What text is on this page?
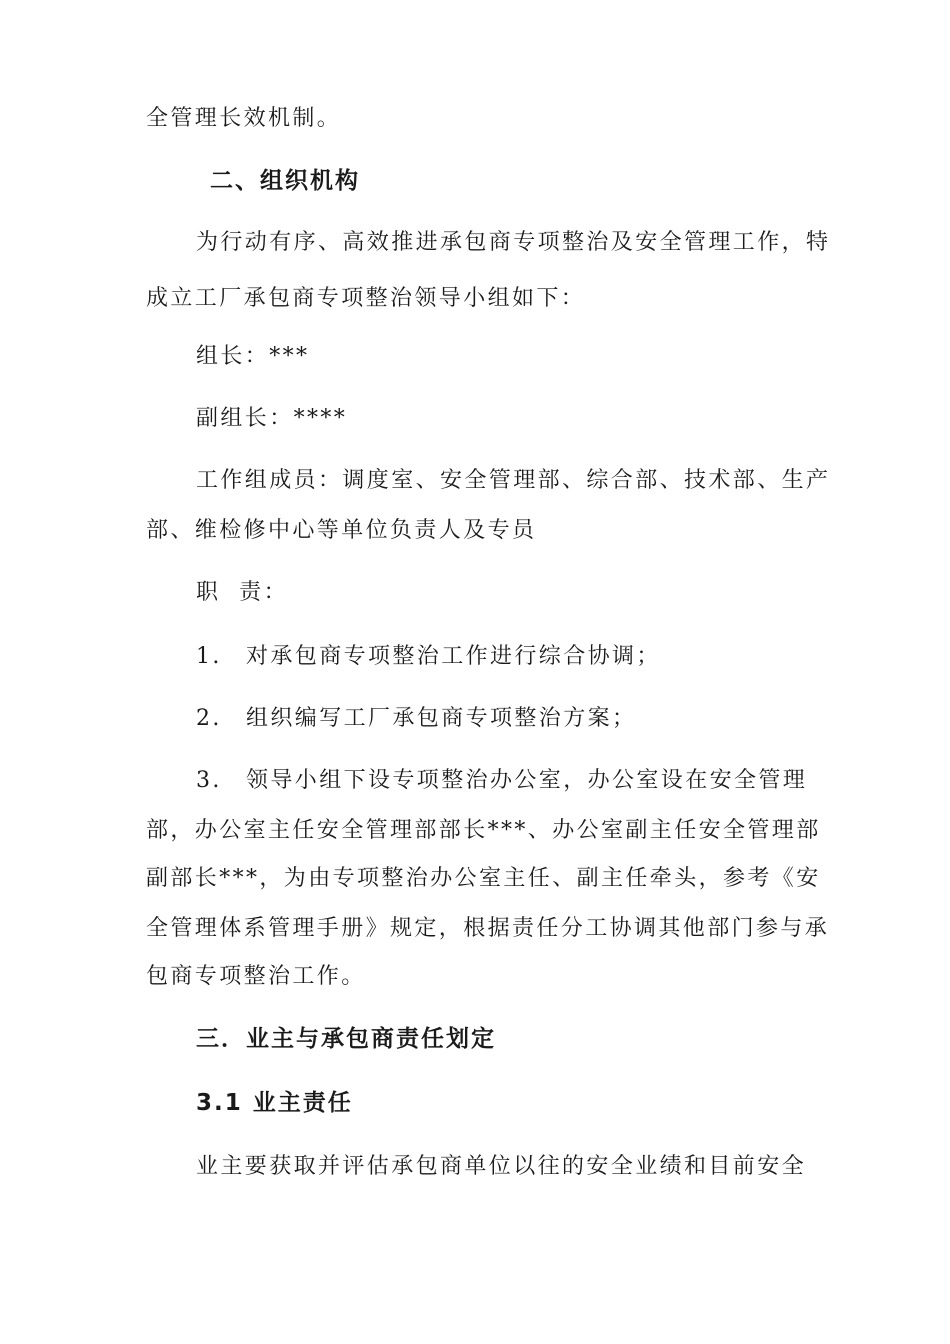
全管理长效机制。
二、组织机构
为行动有序、高效推进承包商专项整治及安全管理工作，特
成立工厂承包商专项整治领导小组如下：
组长：***
副组长：****
工作组成员：调度室、安全管理部、综合部、技术部、生产
部、维检修中心等单位负责人及专员
职  责：
1. 对承包商专项整治工作进行综合协调；
2. 组织编写工厂承包商专项整治方案；
3. 领导小组下设专项整治办公室，办公室设在安全管理
部，办公室主任安全管理部部长***、办公室副主任安全管理部
副部长***，为由专项整治办公室主任、副主任牵头，参考《安
全管理体系管理手册》规定，根据责任分工协调其他部门参与承
包商专项整治工作。
三．业主与承包商责任划定
3.1 业主责任
业主要获取并评估承包商单位以往的安全业绩和目前安全
